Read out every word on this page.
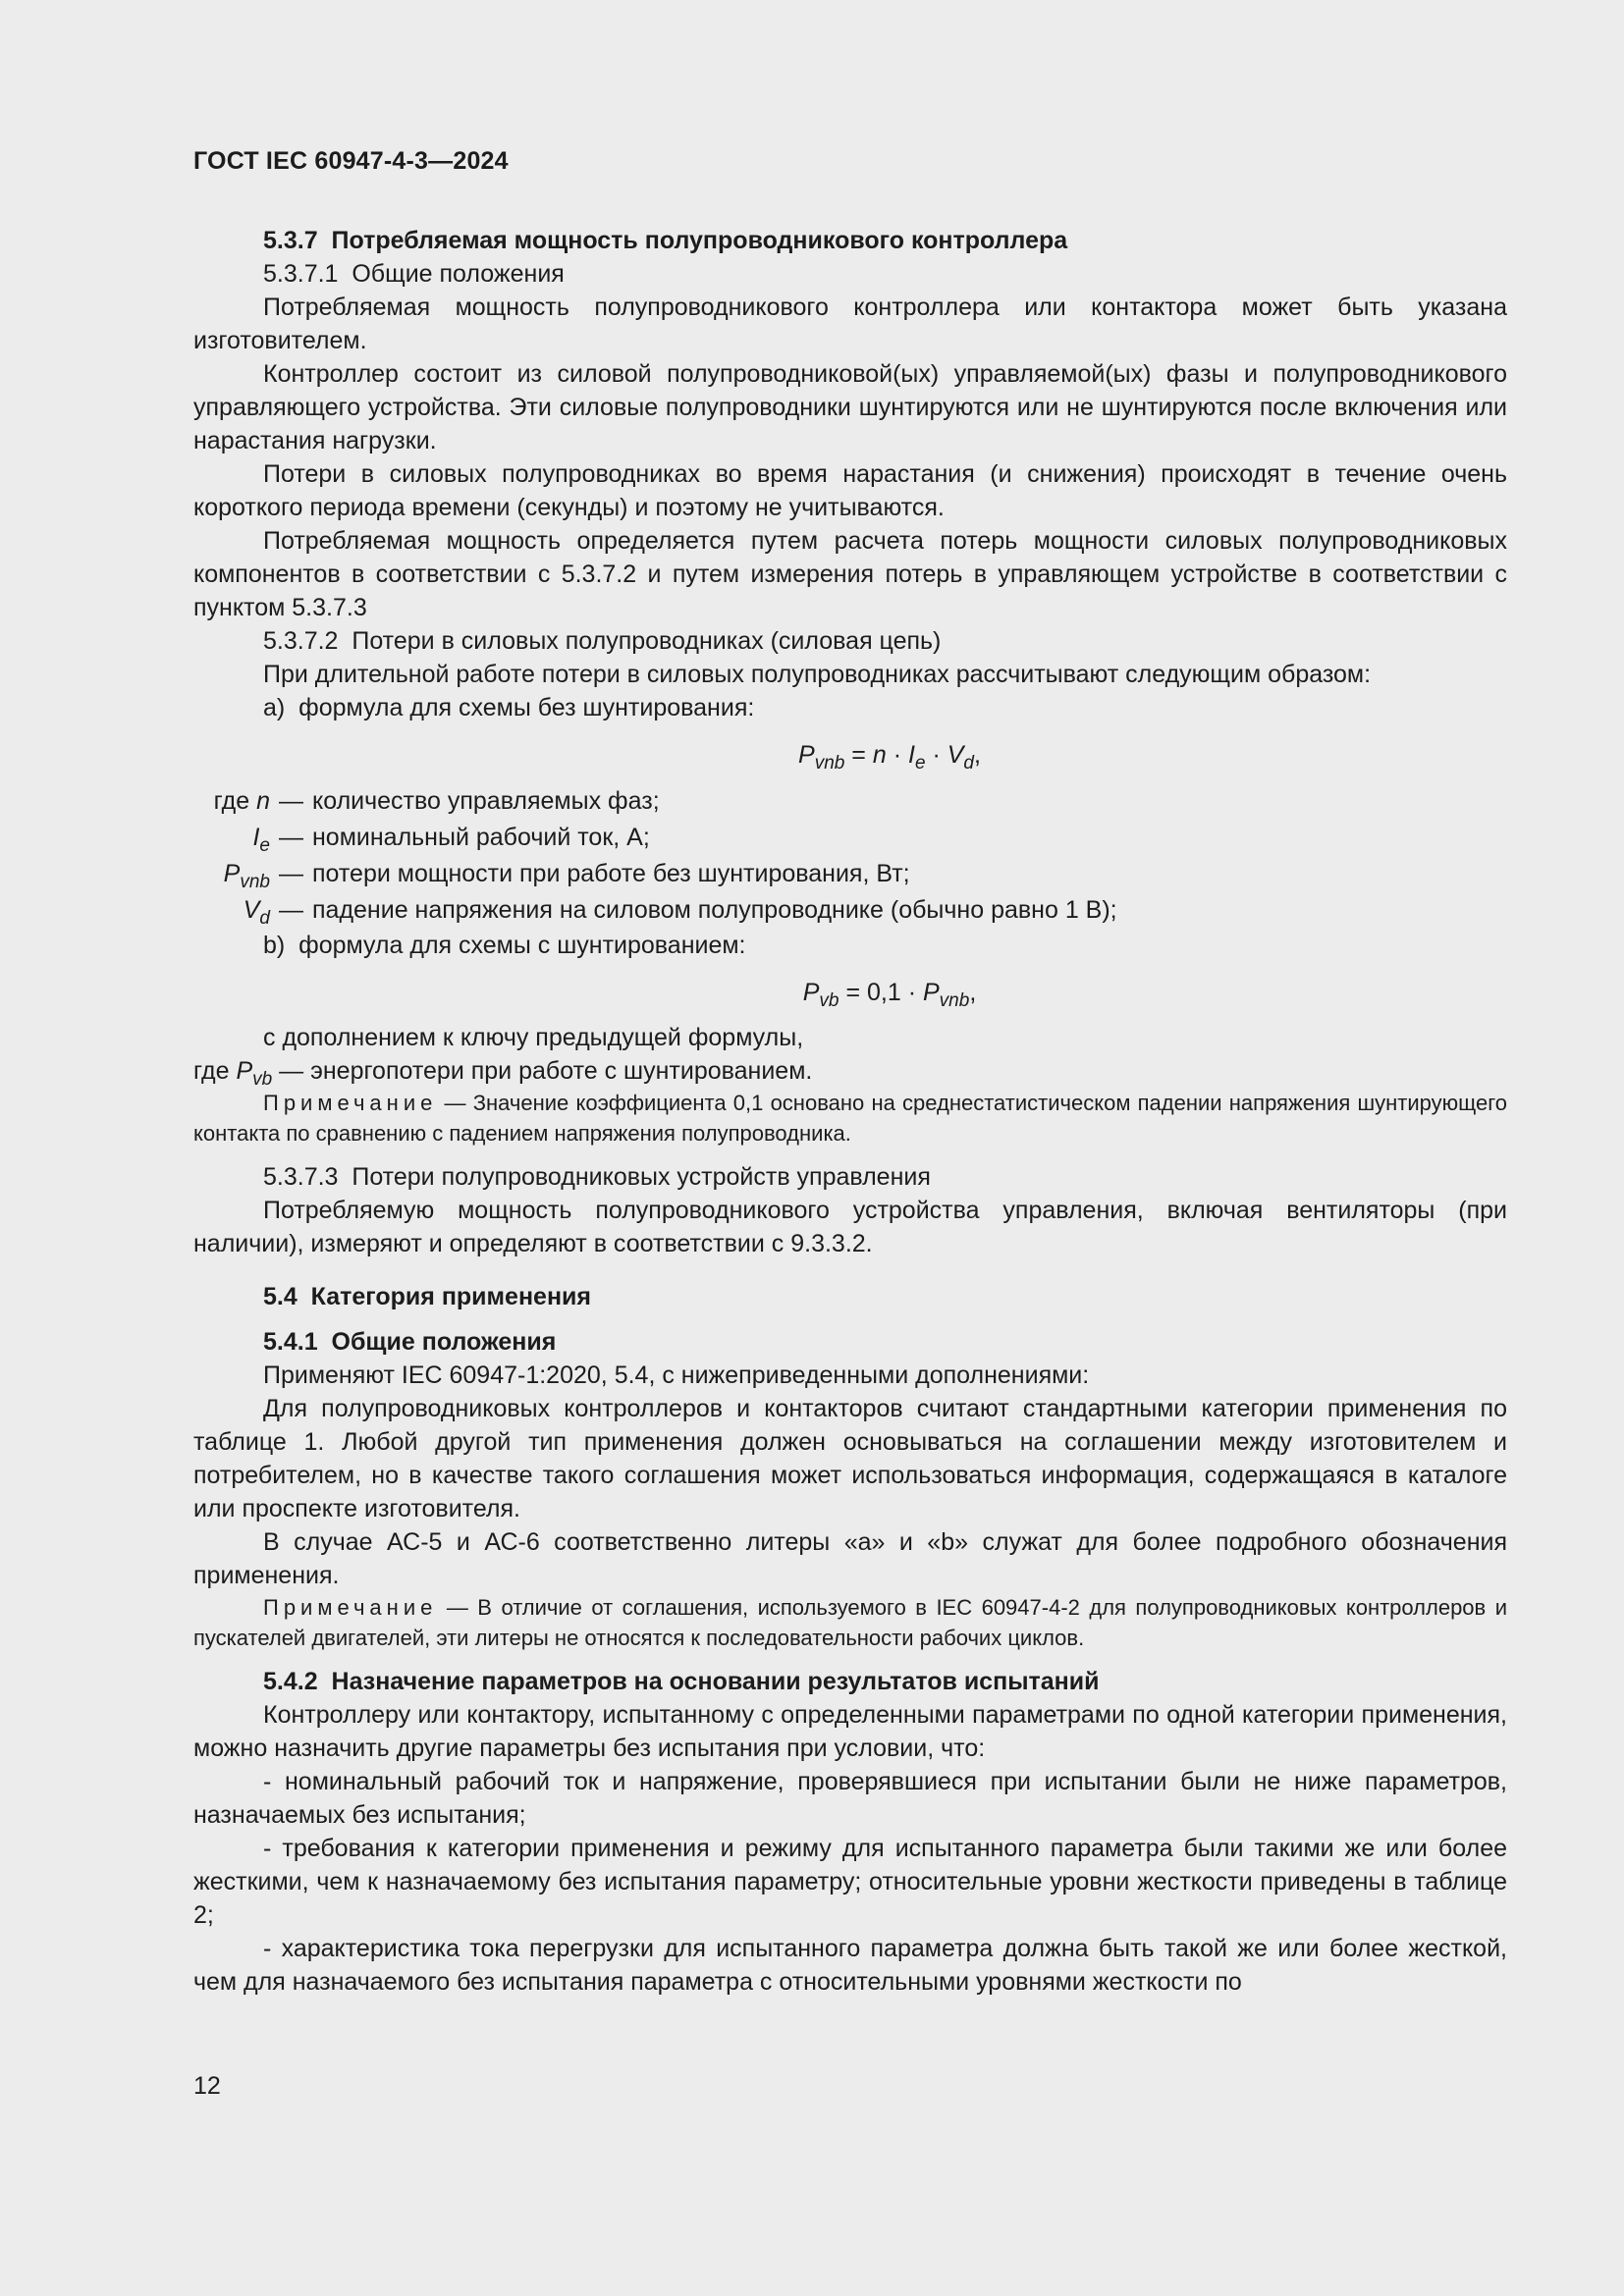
ГОСТ IEC 60947-4-3—2024

5.3.7 Потребляемая мощность полупроводникового контроллера

5.3.7.1 Общие положения

Потребляемая мощность полупроводникового контроллера или контактора может быть указана изготовителем.

Контроллер состоит из силовой полупроводниковой(ых) управляемой(ых) фазы и полупроводникового управляющего устройства. Эти силовые полупроводники шунтируются или не шунтируются после включения или нарастания нагрузки.

Потери в силовых полупроводниках во время нарастания (и снижения) происходят в течение очень короткого периода времени (секунды) и поэтому не учитываются.

Потребляемая мощность определяется путем расчета потерь мощности силовых полупроводниковых компонентов в соответствии с 5.3.7.2 и путем измерения потерь в управляющем устройстве в соответствии с пунктом 5.3.7.3

5.3.7.2 Потери в силовых полупроводниках (силовая цепь)

При длительной работе потери в силовых полупроводниках рассчитывают следующим образом:

a) формула для схемы без шунтирования:

$P_{vnb} = n \cdot I_e \cdot V_d$,
где n — количество управляемых фаз;
$I_e$ — номинальный рабочий ток, А;
$P_{vnb}$ — потери мощности при работе без шунтирования, Вт;
$V_d$ — падение напряжения на силовом полупроводнике (обычно равно 1 В);

b) формула для схемы с шунтированием:

$P_{vb} = 0,1 \cdot P_{vnb}$,

с дополнением к ключу предыдущей формулы,

где $P_{vb}$ — энергопотери при работе с шунтированием.

Примечание — Значение коэффициента 0,1 основано на среднестатистическом падении напряжения шунтирующего контакта по сравнению с падением напряжения полупроводника.

5.3.7.3 Потери полупроводниковых устройств управления

Потребляемую мощность полупроводникового устройства управления, включая вентиляторы (при наличии), измеряют и определяют в соответствии с 9.3.3.2.

5.4 Категория применения

5.4.1 Общие положения

Применяют IEC 60947-1:2020, 5.4, с нижеприведенными дополнениями:

Для полупроводниковых контроллеров и контакторов считают стандартными категории применения по таблице 1. Любой другой тип применения должен основываться на соглашении между изготовителем и потребителем, но в качестве такого соглашения может использоваться информация, содержащаяся в каталоге или проспекте изготовителя.

В случае АС-5 и АС-6 соответственно литеры «а» и «b» служат для более подробного обозначения применения.

Примечание — В отличие от соглашения, используемого в IEC 60947-4-2 для полупроводниковых контроллеров и пускателей двигателей, эти литеры не относятся к последовательности рабочих циклов.

5.4.2 Назначение параметров на основании результатов испытаний

Контроллеру или контактору, испытанному с определенными параметрами по одной категории применения, можно назначить другие параметры без испытания при условии, что:

- номинальный рабочий ток и напряжение, проверявшиеся при испытании были не ниже параметров, назначаемых без испытания;

- требования к категории применения и режиму для испытанного параметра были такими же или более жесткими, чем к назначаемому без испытания параметру; относительные уровни жесткости приведены в таблице 2;

- характеристика тока перегрузки для испытанного параметра должна быть такой же или более жесткой, чем для назначаемого без испытания параметра с относительными уровнями жесткости по

12
